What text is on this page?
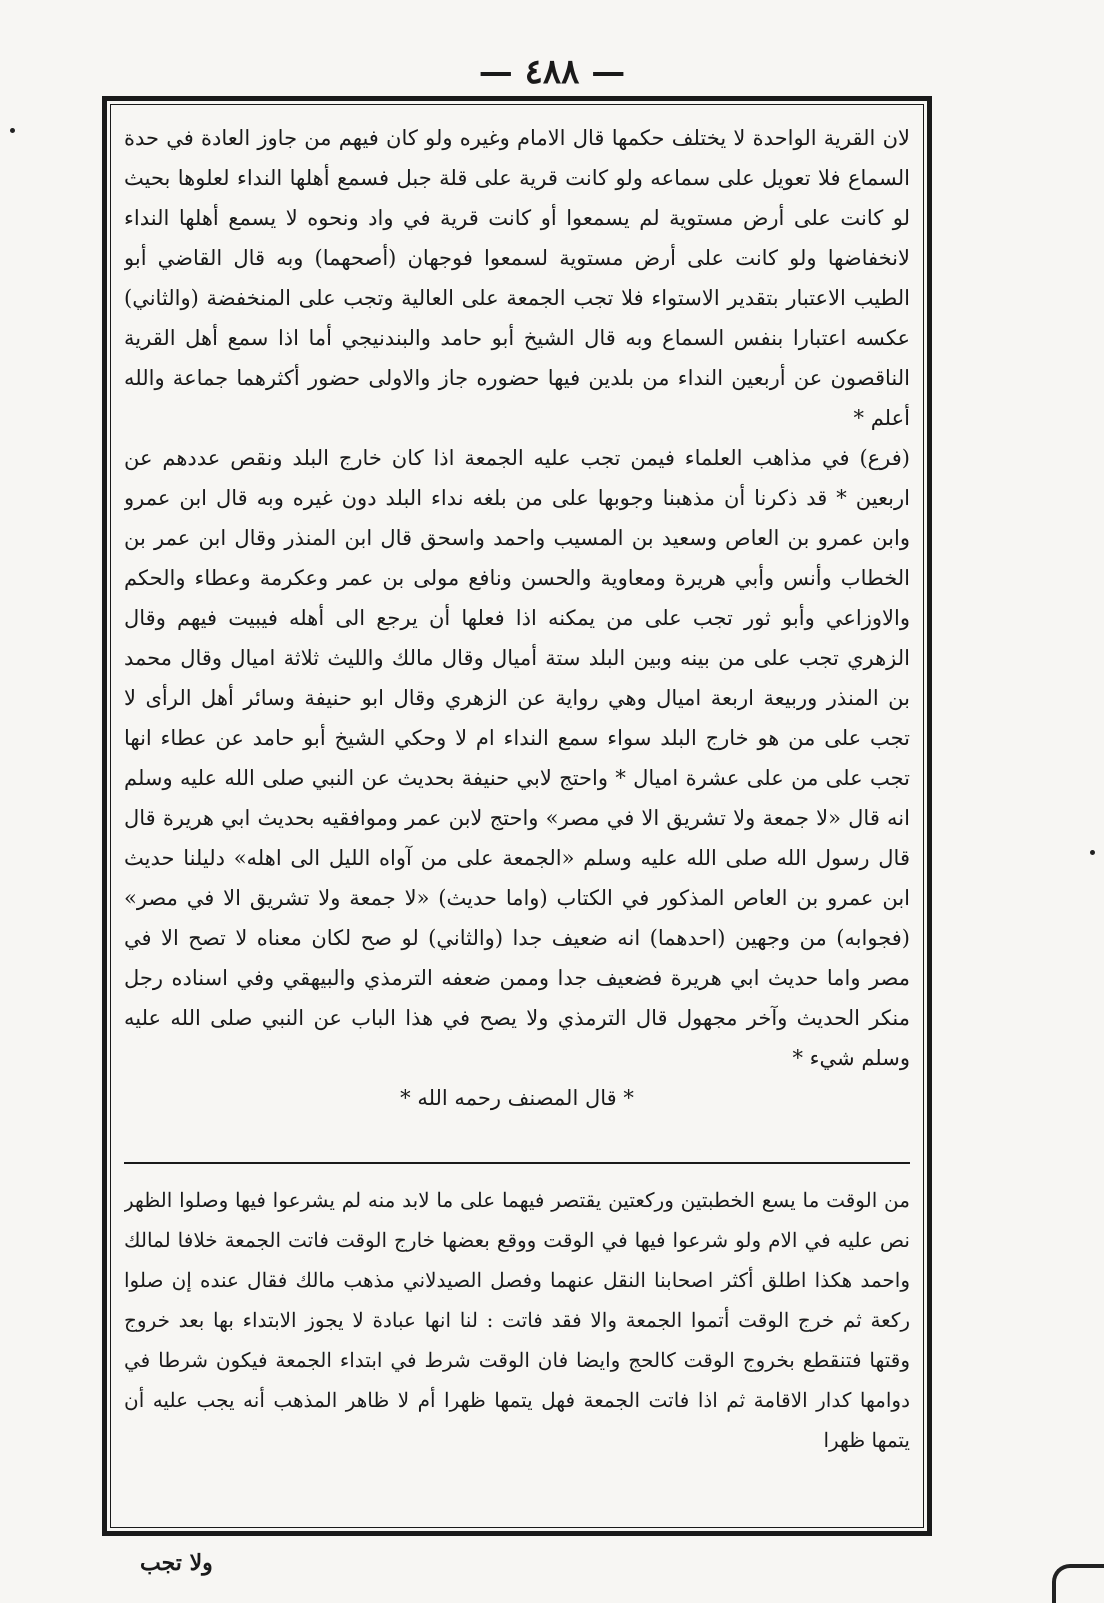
— ٤٨٨ —

لان القرية الواحدة لا يختلف حكمها قال الامام وغيره ولو كان فيهم من جاوز العادة في حدة السماع فلا تعويل على سماعه ولو كانت قرية على قلة جبل فسمع أهلها النداء لعلوها بحيث لو كانت على أرض مستوية لم يسمعوا أو كانت قرية في واد ونحوه لا يسمع أهلها النداء لانخفاضها ولو كانت على أرض مستوية لسمعوا فوجهان (أصحهما) وبه قال القاضي أبو الطيب الاعتبار بتقدير الاستواء فلا تجب الجمعة على العالية وتجب على المنخفضة (والثاني) عكسه اعتبارا بنفس السماع وبه قال الشيخ أبو حامد والبندنيجي أما اذا سمع أهل القرية الناقصون عن أربعين النداء من بلدين فيها حضوره جاز والاولى حضور أكثرهما جماعة والله أعلم *

(فرع) في مذاهب العلماء فيمن تجب عليه الجمعة اذا كان خارج البلد ونقص عددهم عن اربعين * قد ذكرنا أن مذهبنا وجوبها على من بلغه نداء البلد دون غيره وبه قال ابن عمرو وابن عمرو بن العاص وسعيد بن المسيب واحمد واسحق قال ابن المنذر وقال ابن عمر بن الخطاب وأنس وأبي هريرة ومعاوية والحسن ونافع مولى بن عمر وعكرمة وعطاء والحكم والاوزاعي وأبو ثور تجب على من يمكنه اذا فعلها أن يرجع الى أهله فيبيت فيهم وقال الزهري تجب على من بينه وبين البلد ستة أميال وقال مالك والليث ثلاثة اميال وقال محمد بن المنذر وربيعة اربعة اميال وهي رواية عن الزهري وقال ابو حنيفة وسائر أهل الرأى لا تجب على من هو خارج البلد سواء سمع النداء ام لا وحكي الشيخ أبو حامد عن عطاء انها تجب على من على عشرة اميال * واحتج لابي حنيفة بحديث عن النبي صلى الله عليه وسلم انه قال «لا جمعة ولا تشريق الا في مصر» واحتج لابن عمر وموافقيه بحديث ابي هريرة قال قال رسول الله صلى الله عليه وسلم «الجمعة على من آواه الليل الى اهله» دليلنا حديث ابن عمرو بن العاص المذكور في الكتاب (واما حديث) «لا جمعة ولا تشريق الا في مصر» (فجوابه) من وجهين (احدهما) انه ضعيف جدا (والثاني) لو صح لكان معناه لا تصح الا في مصر واما حديث ابي هريرة فضعيف جدا وممن ضعفه الترمذي والبيهقي وفي اسناده رجل منكر الحديث وآخر مجهول قال الترمذي ولا يصح في هذا الباب عن النبي صلى الله عليه وسلم شيء *

* قال المصنف رحمه الله *

من الوقت ما يسع الخطبتين وركعتين يقتصر فيهما على ما لابد منه لم يشرعوا فيها وصلوا الظهر نص عليه في الام ولو شرعوا فيها في الوقت ووقع بعضها خارج الوقت فاتت الجمعة خلافا لمالك واحمد هكذا اطلق أكثر اصحابنا النقل عنهما وفصل الصيدلاني مذهب مالك فقال عنده إن صلوا ركعة ثم خرج الوقت أتموا الجمعة والا فقد فاتت : لنا انها عبادة لا يجوز الابتداء بها بعد خروج وقتها فتنقطع بخروج الوقت كالحج وايضا فان الوقت شرط في ابتداء الجمعة فيكون شرطا في دوامها كدار الاقامة ثم اذا فاتت الجمعة فهل يتمها ظهرا أم لا ظاهر المذهب أنه يجب عليه أن يتمها ظهرا

ولا تجب
